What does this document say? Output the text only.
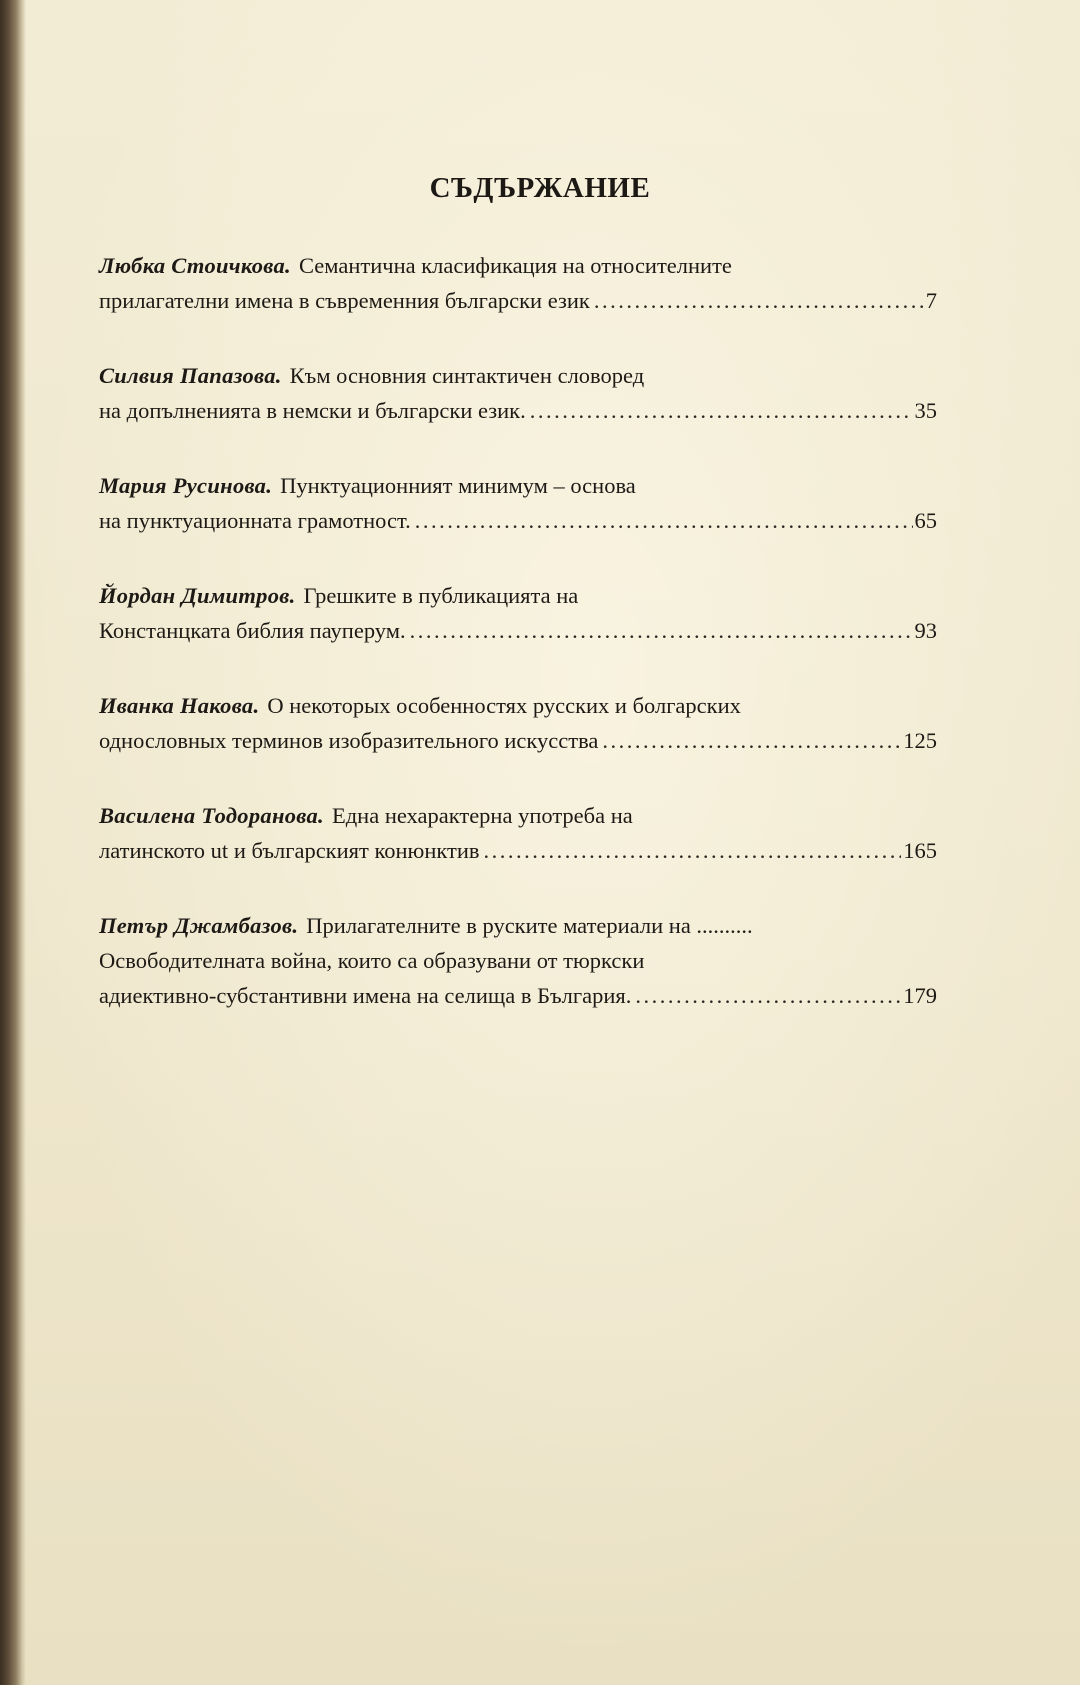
СЪДЪРЖАНИЕ
Любка Стоичкова. Семантична класификация на относителните
прилагателни имена в съвременния български език .....	7
Силвия Папазова. Към основния синтактичен словоред
на допълненията в немски и български език. .....	35
Мария Русинова. Пунктуационният минимум – основа
на пунктуационната грамотност. .....	65
Йордан Димитров. Грешките в публикацията на
Констанцката библия пауперум. .....	93
Иванка Накова. О некоторых особенностях русских и болгарских
однословных терминов изобразительного искусства .....	125
Василена Тодоранова. Една нехарактерна употреба на
латинското ut и българският конюнктив .....	165
Петър Джамбазов. Прилагателните в руските материали на ..........
Освободителната война, които са образувани от тюркски
адиективно-субстантивни имена на селища в България. .....	179
